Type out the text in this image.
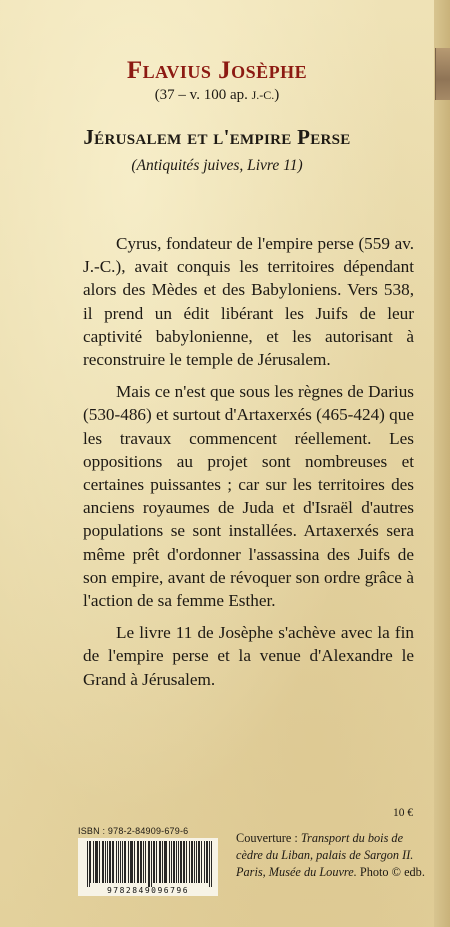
Flavius Josèphe
(37 – v. 100 ap. J.-C.)
Jérusalem et l'empire Perse
(Antiquités juives, Livre 11)

Cyrus, fondateur de l'empire perse (559 av. J.-C.), avait conquis les territoires dépendant alors des Mèdes et des Babyloniens. Vers 538, il prend un édit libérant les Juifs de leur captivité babylonienne, et les autorisant à reconstruire le temple de Jérusalem.

Mais ce n'est que sous les règnes de Darius (530-486) et surtout d'Artaxerxés (465-424) que les travaux commencent réellement. Les oppositions au projet sont nombreuses et certaines puissantes ; car sur les territoires des anciens royaumes de Juda et d'Israël d'autres populations se sont installées. Artaxerxés sera même prêt d'ordonner l'assassina des Juifs de son empire, avant de révoquer son ordre grâce à l'action de sa femme Esther.

Le livre 11 de Josèphe s'achève avec la fin de l'empire perse et la venue d'Alexandre le Grand à Jérusalem.

10 €
ISBN : 978-2-84909-679-6
9782849096796
Couverture : Transport du bois de cèdre du Liban, palais de Sargon II. Paris, Musée du Louvre. Photo © edb.
